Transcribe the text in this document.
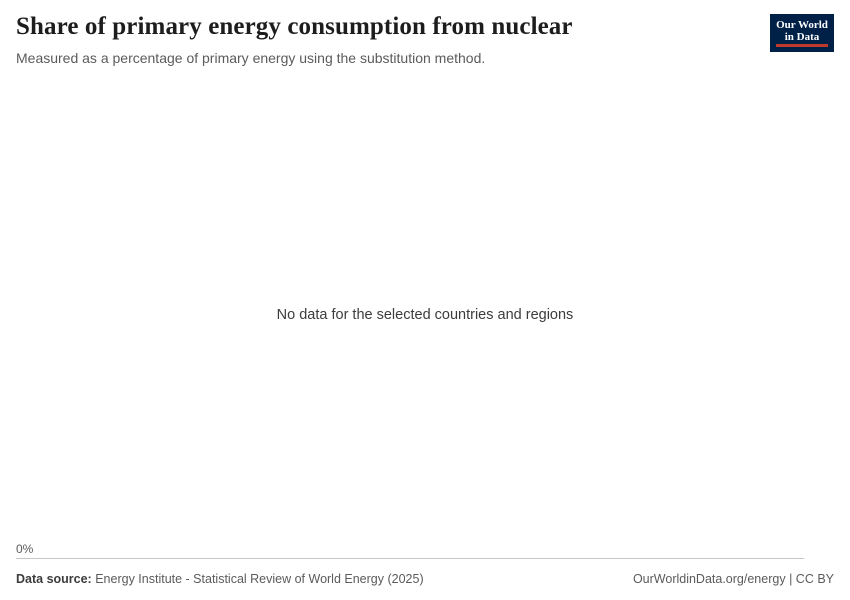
Share of primary energy consumption from nuclear

Measured as a percentage of primary energy using the substitution method.

Our World
in Data
No data for the selected countries and regions
0%
Data source: Energy Institute - Statistical Review of World Energy (2025)	OurWorldinData.org/energy | CC BY
